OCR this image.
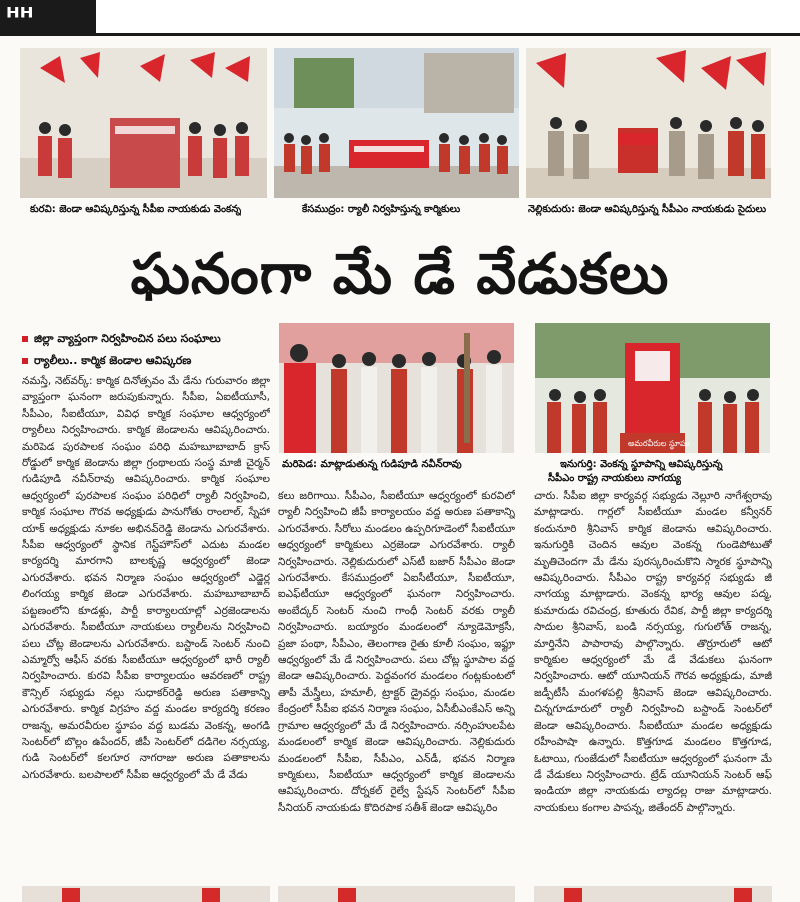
ᴴᴴ
కురవి: జెండా ఆవిష్కరిస్తున్న సీపీఐ నాయకుడు వెంకన్న	కేసముద్రం: ర్యాలీ నిర్వహిస్తున్న కార్మికులు	నెల్లికుదురు: జెండా ఆవిష్కరిస్తున్న సీపీఎం నాయకుడు సైదులు
ఘనంగా మే డే వేడుకలు
జిల్లా వ్యాప్తంగా నిర్వహించిన పలు సంఘాలు
ర్యాలీలు.. కార్మిక జెండాల ఆవిష్కరణ
అమరవీరుల స్థూపం
మరిపెడ: మాట్లాడుతున్న గుడిపూడి నవీన్‌రావు	ఇనుగుర్తి: వెంకన్న స్థూపాన్ని ఆవిష్కరిస్తున్న
సీపీఎం రాష్ట్ర నాయకులు నాగయ్య

నమస్తే, నెట్‌వర్క్: కార్మిక దినోత్సవం మే డేను గురువారం జిల్లా వ్యాప్తంగా ఘనంగా జరుపుకున్నారు. సీపీఐ, ఏఐటీయూసీ, సీపీఎం, సీఐటీయూ, వివిధ కార్మిక సంఘాల ఆధ్వర్యంలో ర్యాలీలు నిర్వహించారు. కార్మిక జెండాలను ఆవిష్కరించారు. మరిపెడ పురపాలక సంఘం పరిధి మహబూబాబాద్ క్రాస్ రోడ్డులో కార్మిక జెండాను జిల్లా గ్రంథాలయ సంస్థ మాజీ చైర్మన్ గుడిపూడి నవీన్‌రావు ఆవిష్కరించారు. కార్మిక సంఘాల ఆధ్వర్యంలో పురపాలక సంఘం పరిధిలో ర్యాలీ నిర్వహించి, కార్మిక సంఘాల గౌరవ అధ్యక్షుడు పానుగోతు రాంలాల్, స్నేహా యాక్ అధ్యక్షుడు నూకల అభినవ్‌రెడ్డి జెండాను ఎగురవేశారు. సీపీఐ ఆధ్వర్యంలో స్థానిక గెస్ట్‌హౌస్‌లో ఎదుట మండల కార్యదర్శి మారగాని బాలకృష్ణ ఆధ్వర్యంలో జెండా ఎగురవేశారు. భవన నిర్మాణ సంఘం ఆధ్వర్యంలో ఎడ్జెర్ల లింగయ్య కార్మిక జెండా ఎగురవేశారు. మహబూబాబాద్ పట్టణంలోని కూడళ్లు, పార్టీ కార్యాలయాల్లో ఎర్రజెండాలను ఎగురవేశారు. సీఐటీయూ నాయకులు ర్యాలీలను నిర్వహించి పలు చోట్ల జెండాలను ఎగురవేశారు. బస్టాండ్ సెంటర్ నుంచి ఎమ్మార్వో ఆఫీస్ వరకు సీఐటీయూ ఆధ్వర్యంలో భారీ ర్యాలీ నిర్వహించారు. కురవి సీపీఐ కార్యాలయం ఆవరణలో రాష్ట్ర కౌన్సిల్ సభ్యుడు నల్లు సుధాకర్‌రెడ్డి అరుణ పతాకాన్ని ఎగురవేశారు. కార్మిక విగ్రహం వద్ద మండల కార్యదర్శి కరణం రాజన్న, అమరవీరుల స్థూపం వద్ద బుడమ వెంకన్న, అంగడి సెంటర్‌లో బొల్లం ఉపేందర్, జీపీ సెంటర్‌లో దడిగెల నర్సయ్య, గుడి సెంటర్‌లో కలగూర నాగరాజు అరుణ పతాకాలను ఎగురవేశారు. బలపాలలో సీపీఐ ఆధ్వర్యంలో మే డే వేడు

కలు జరిగాయి. సీపీఎం, సీఐటీయూ ఆధ్వర్యంలో కురవిలో ర్యాలీ నిర్వహించి జీపీ కార్యాలయం వద్ద అరుణ పతాకాన్ని ఎగురవేశారు. సీరోలు మండలం ఉప్పరిగూడెంలో సీఐటీయూ ఆధ్వర్యంలో కార్మికులు ఎర్రజెండా ఎగురవేశారు. ర్యాలీ నిర్వహించారు. నెల్లికుదురులో ఎస్‌టీ బజార్ సీపీఎం జెండా ఎగురవేశారు. కేసముద్రంలో ఏఐసీటీయూ, సీఐటీయూ, ఐఎఫ్‌టీయూ ఆధ్వర్యంలో ఘనంగా నిర్వహించారు. అంబేద్కర్ సెంటర్ నుంచి గాంధీ సెంటర్ వరకు ర్యాలీ నిర్వహించారు. బయ్యారం మండలంలో న్యూడెమోక్రసీ, ప్రజా పంథా, సీపీఎం, తెలంగాణ రైతు కూలీ సంఘం, ఇఫ్టూ ఆధ్వర్యంలో మే డే నిర్వహించారు. పలు చోట్ల స్థూపాల వద్ద జెండా ఆవిష్కరించారు. పెద్దవంగర మండలం గంట్లకుంటలో తాపీ మేస్త్రీలు, హమాలీ, ట్రాక్టర్ డ్రైవర్లు సంఘం, మండల కేంద్రంలో సీపీఐ భవన నిర్మాణ సంఘం, ఏసీబీఎంకేఎస్ అన్ని గ్రామాల ఆధ్వర్యంలో మే డే నిర్వహించారు. నర్సింహులపేట మండలంలో కార్మిక జెండా ఆవిష్కరించారు. నెల్లికుదురు మండలంలో సీపీఐ, సీపీఎం, ఎన్‌డీ, భవన నిర్మాణ కార్మికులు, సీఐటీయూ ఆధ్వర్యంలో కార్మిక జెండాలను ఆవిష్కరించారు. దోర్నకల్ రైల్వే స్టేషన్ సెంటర్‌లో సీపీఐ సీనియర్ నాయకుడు కొదిరపాక సతీశ్ జెండా ఆవిష్కరిం

చారు. సీపీఐ జిల్లా కార్యవర్గ సభ్యుడు నెల్లూరి నాగేశ్వరావు మాట్లాడారు. గార్లలో సీఐటీయూ మండల కన్వీనర్ కందునూరి శ్రీనివాస్ కార్మిక జెండాను ఆవిష్కరించారు. ఇనుగుర్తికి చెందిన ఆవుల వెంకన్న గుండెపోటుతో మృతిచెందగా మే డేను పురస్కరించుకొని స్మారక స్థూపాన్ని ఆవిష్కరించారు. సీపీఎం రాష్ట్ర కార్యవర్గ సభ్యుడు జీ నాగయ్య మాట్లాడారు. వెంకన్న భార్య ఆవుల పద్మ, కుమారుడు రవిచంద్ర, కూతురు రేవిక, పార్టీ జిల్లా కార్యదర్శి సాదుల శ్రీనివాస్, బండి నర్సయ్య, గుగులోత్ రాజన్న, మార్తినేని పాపారావు పాల్గొన్నారు. తొర్రూరులో ఆటో కార్మికుల ఆధ్వర్యంలో మే డే వేడుకలు ఘనంగా నిర్వహించారు. ఆటో యూనియన్ గౌరవ అధ్యక్షుడు, మాజీ జడ్పీటీసీ మంగళపల్లి శ్రీనివాస్ జెండా ఆవిష్కరించారు. చిన్నగూడూరులో ర్యాలీ నిర్వహించి బస్టాండ్ సెంటర్‌లో జెండా ఆవిష్కరించారు. సీఐటీయూ మండల అధ్యక్షుడు రహీంపాషా ఉన్నారు. కొత్తగూడ మండలం కొత్తగూడ, ఓటాయి, గుంజేడులో సీఐటీయూ ఆధ్వర్యంలో ఘనంగా మే డే వేడుకలు నిర్వహించారు. ట్రేడ్ యూనియన్ సెంటర్ ఆఫ్ ఇండియా జిల్లా నాయకుడు ల్యాదల్ల రాజు మాట్లాడారు. నాయకులు కంగాల పాపన్న, జితేందర్ పాల్గొన్నారు.
